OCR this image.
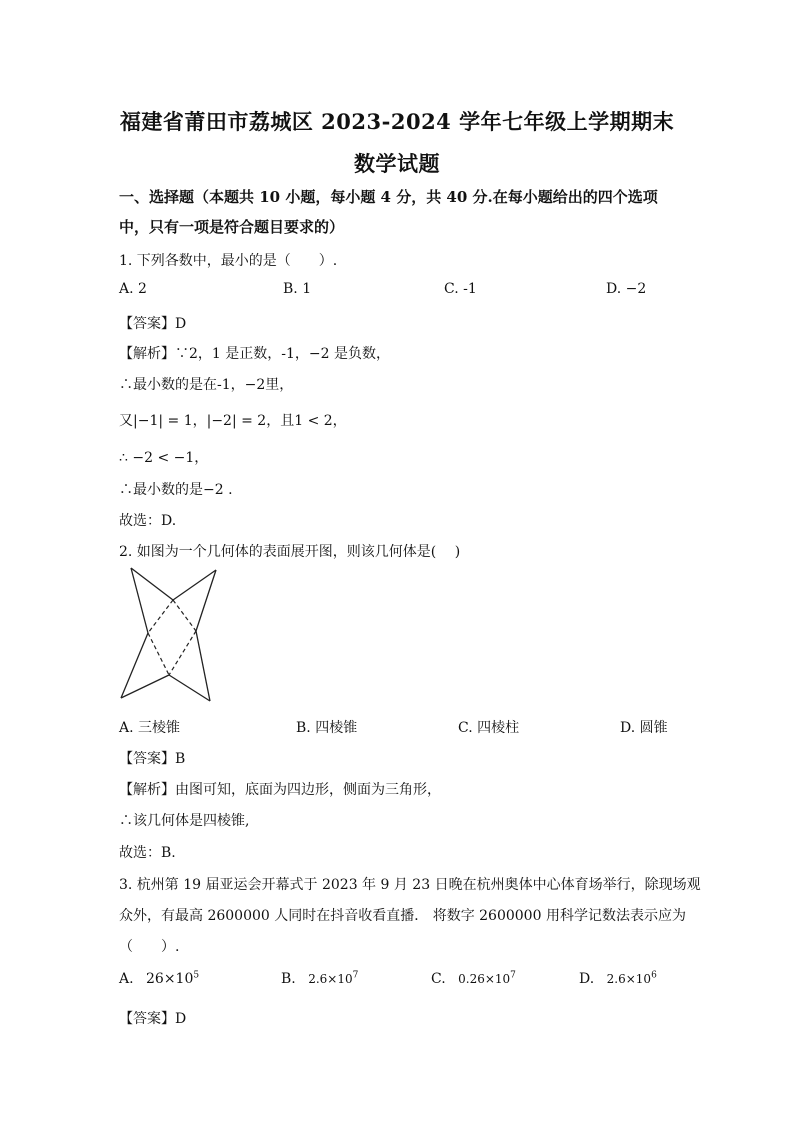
福建省莆田市荔城区 2023-2024 学年七年级上学期期末
数学试题
一、选择题（本题共 10 小题，每小题 4 分，共 40 分.在每小题给出的四个选项
中，只有一项是符合题目要求的）
1. 下列各数中，最小的是（　　）.
A. 2	B. 1	C. -1	D. −2
【答案】D
【解析】∵2，1 是正数，-1，−2 是负数，
∴最小数的是在-1，−2里，
又|−1| = 1，|−2| = 2，且1 < 2，
∴ −2 < −1，
∴最小数的是−2 .
故选：D.
2. 如图为一个几何体的表面展开图，则该几何体是(　 )
A. 三棱锥	B. 四棱锥	C. 四棱柱	D. 圆锥
【答案】B
【解析】由图可知，底面为四边形，侧面为三角形，
∴该几何体是四棱锥,
故选：B.
3. 杭州第 19 届亚运会开幕式于 2023 年 9 月 23 日晚在杭州奥体中心体育场举行，除现场观
众外，有最高 2600000 人同时在抖音收看直播． 将数字 2600000 用科学记数法表示应为
（　　）.
A. $26\times 10^5$	B. $2.6\times 10^7$	C. $0.26\times 10^7$	D. $2.6\times 10^6$
【答案】D
